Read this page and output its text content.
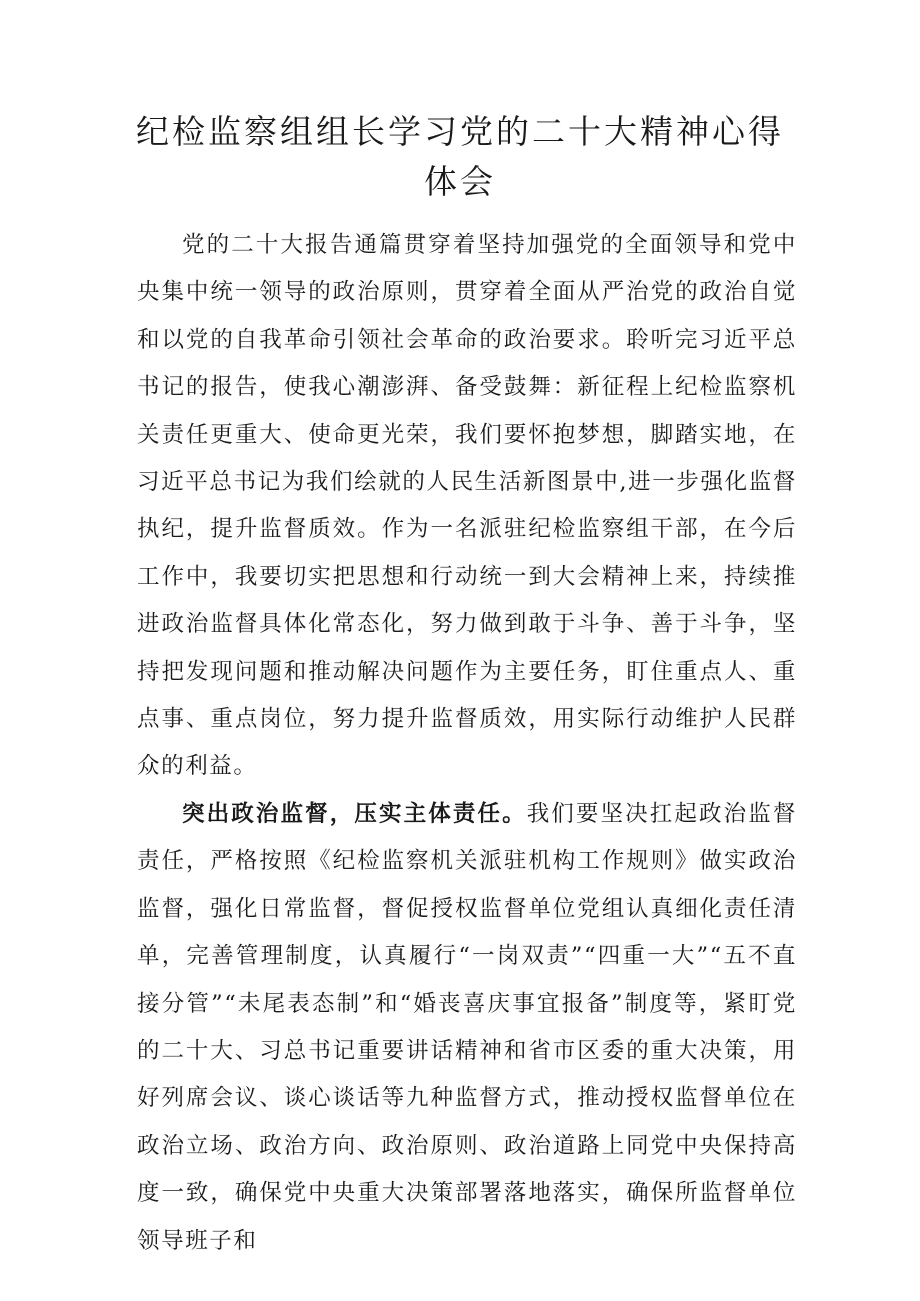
纪检监察组组长学习党的二十大精神心得
体会

党的二十大报告通篇贯穿着坚持加强党的全面领导和党中央集中统一领导的政治原则，贯穿着全面从严治党的政治自觉和以党的自我革命引领社会革命的政治要求。聆听完习近平总书记的报告，使我心潮澎湃、备受鼓舞：新征程上纪检监察机关责任更重大、使命更光荣，我们要怀抱梦想，脚踏实地，在习近平总书记为我们绘就的人民生活新图景中,进一步强化监督执纪，提升监督质效。作为一名派驻纪检监察组干部，在今后工作中，我要切实把思想和行动统一到大会精神上来，持续推进政治监督具体化常态化，努力做到敢于斗争、善于斗争，坚持把发现问题和推动解决问题作为主要任务，盯住重点人、重点事、重点岗位，努力提升监督质效，用实际行动维护人民群众的利益。

突出政治监督，压实主体责任。我们要坚决扛起政治监督责任，严格按照《纪检监察机关派驻机构工作规则》做实政治监督，强化日常监督，督促授权监督单位党组认真细化责任清单，完善管理制度，认真履行“一岗双责”“四重一大”“五不直接分管”“未尾表态制”和“婚丧喜庆事宜报备”制度等，紧盯党的二十大、习总书记重要讲话精神和省市区委的重大决策，用好列席会议、谈心谈话等九种监督方式，推动授权监督单位在政治立场、政治方向、政治原则、政治道路上同党中央保持高度一致，确保党中央重大决策部署落地落实，确保所监督单位领导班子和
